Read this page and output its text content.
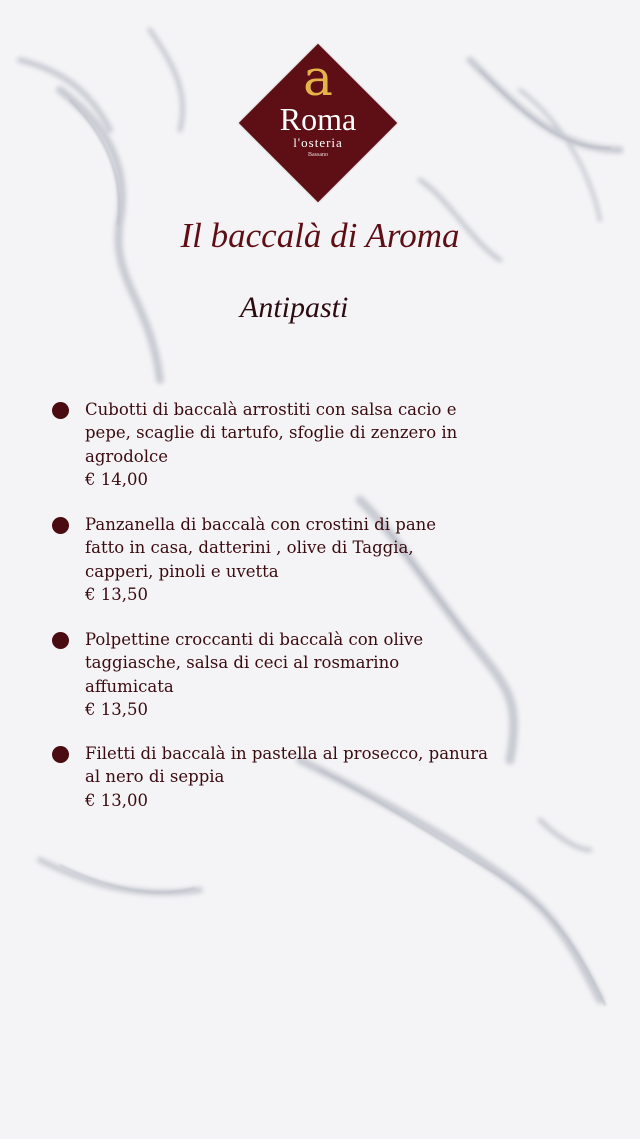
a
Roma
l'osteria
Bassano
Il baccalà di Aroma
Antipasti
Cubotti di baccalà arrostiti con salsa cacio e
pepe, scaglie di tartufo, sfoglie di zenzero in
agrodolce
€ 14,00
Panzanella di baccalà con crostini di pane
fatto in casa, datterini , olive di Taggia,
capperi, pinoli e uvetta
€ 13,50
Polpettine croccanti di baccalà con olive
taggiasche, salsa di ceci al rosmarino
affumicata
€ 13,50
Filetti di baccalà in pastella al prosecco, panura
al nero di seppia
€ 13,00
